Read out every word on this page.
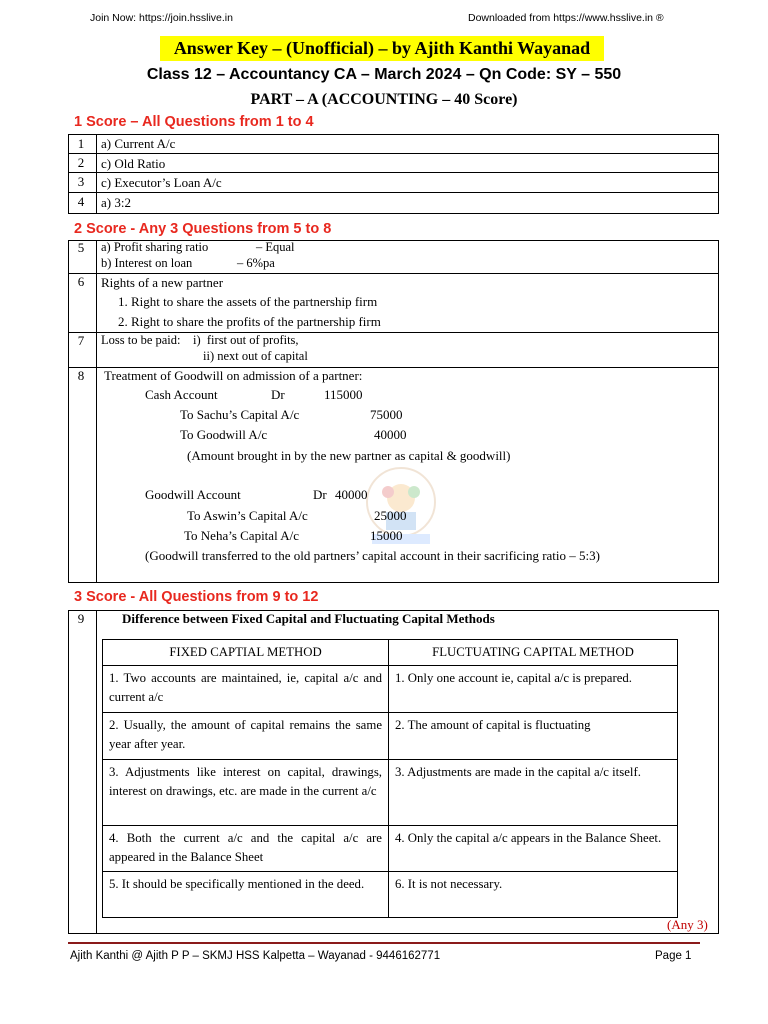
Join Now: https://join.hsslive.in	Downloaded from https://www.hsslive.in ®
Answer Key – (Unofficial) – by Ajith Kanthi Wayanad
Class 12 – Accountancy CA – March 2024 – Qn Code: SY – 550
PART – A (ACCOUNTING – 40 Score)
1 Score – All Questions from 1 to 4
1	a) Current A/c
2	c) Old Ratio
3	c) Executor’s Loan A/c
4	a) 3:2
2 Score - Any 3 Questions from 5 to 8
5	a) Profit sharing ratio	– Equal
b) Interest on loan	– 6%pa
6	Rights of a new partner
1. Right to share the assets of the partnership firm
2. Right to share the profits of the partnership firm
7	Loss to be paid:    i)  first out of profits,
ii) next out of capital
8	Treatment of Goodwill on admission of a partner:
Cash Account	Dr	115000
To Sachu’s Capital A/c	75000
To Goodwill A/c	40000
(Amount brought in by the new partner as capital & goodwill)
Goodwill Account	Dr 40000
To Aswin’s Capital A/c	25000
To Neha’s Capital A/c	15000
(Goodwill transferred to the old partners’ capital account in their sacrificing ratio – 5:3)
3 Score - All Questions from 9 to 12
9	Difference between Fixed Capital and Fluctuating Capital Methods
FIXED CAPTIAL METHOD	FLUCTUATING CAPITAL METHOD
1. Two accounts are maintained, ie, capital a/c and current a/c	1. Only one account ie, capital a/c is prepared.
2. Usually, the amount of capital remains the same year after year.	2. The amount of capital is fluctuating
3. Adjustments like interest on capital, drawings, interest on drawings, etc. are made in the current a/c	3. Adjustments are made in the capital a/c itself.
4. Both the current a/c and the capital a/c are appeared in the Balance Sheet	4. Only the capital a/c appears in the Balance Sheet.
5. It should be specifically mentioned in the deed.	6. It is not necessary.
(Any 3)
Ajith Kanthi @ Ajith P P – SKMJ HSS Kalpetta – Wayanad - 9446162771	Page 1
